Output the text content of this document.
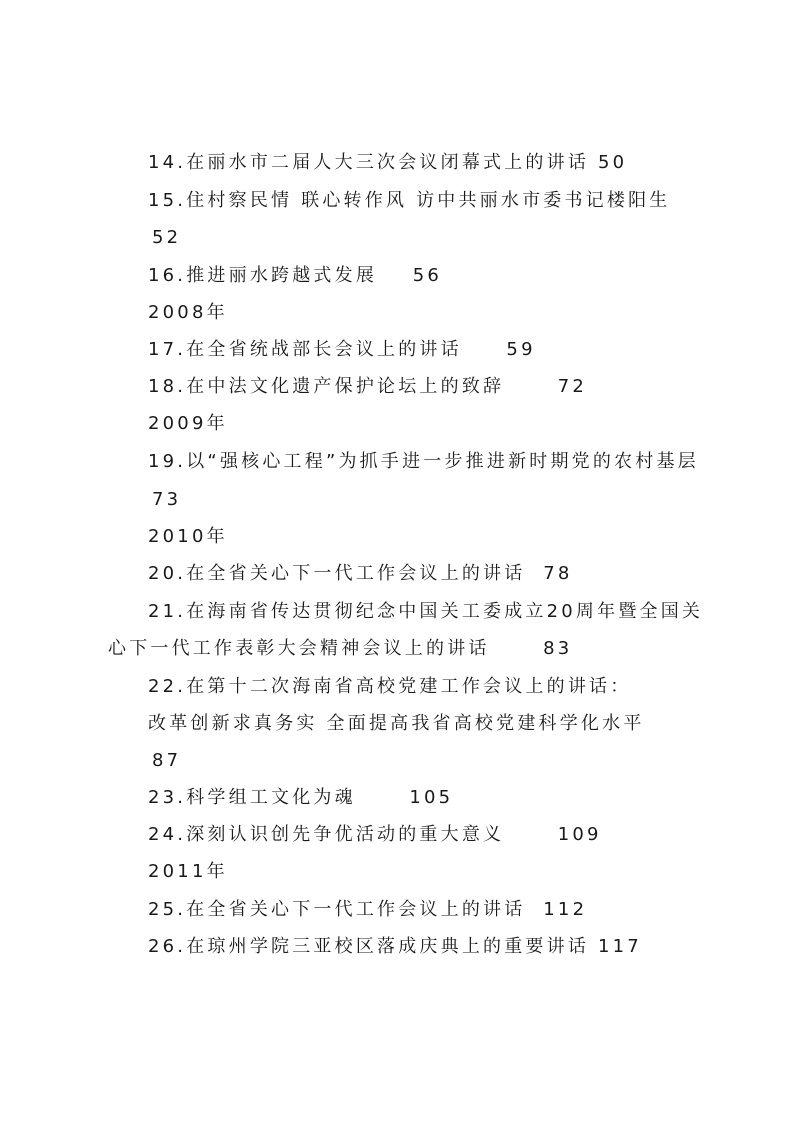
14.在丽水市二届人大三次会议闭幕式上的讲话 50
15.住村察民情 联心转作风 访中共丽水市委书记楼阳生
52
16.推进丽水跨越式发展    56
2008年
17.在全省统战部长会议上的讲话     59
18.在中法文化遗产保护论坛上的致辞      72
2009年
19.以“强核心工程”为抓手进一步推进新时期党的农村基层
73
2010年
20.在全省关心下一代工作会议上的讲话  78
21.在海南省传达贯彻纪念中国关工委成立20周年暨全国关
心下一代工作表彰大会精神会议上的讲话      83
22.在第十二次海南省高校党建工作会议上的讲话：
改革创新求真务实 全面提高我省高校党建科学化水平
87
23.科学组工文化为魂      105
24.深刻认识创先争优活动的重大意义      109
2011年
25.在全省关心下一代工作会议上的讲话  112
26.在琼州学院三亚校区落成庆典上的重要讲话 117
